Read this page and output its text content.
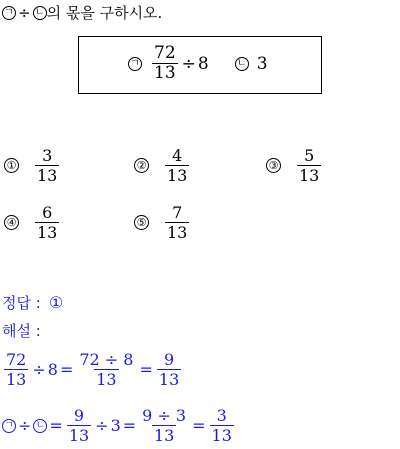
ㄱ ÷ ㄴ 의 몫을 구하시오.
ㄱ $\frac{72}{13} \div 8$	ㄴ 3
① $\frac{3}{13}$	② $\frac{4}{13}$	③ $\frac{5}{13}$
④ $\frac{6}{13}$	⑤ $\frac{7}{13}$
정답 : ①
해설 :
$\frac{72}{13} \div 8 = \frac{72 \div 8}{13} = \frac{9}{13}$
ㄱ ÷ ㄴ = $\frac{9}{13} \div 3 = \frac{9 \div 3}{13} = \frac{3}{13}$
